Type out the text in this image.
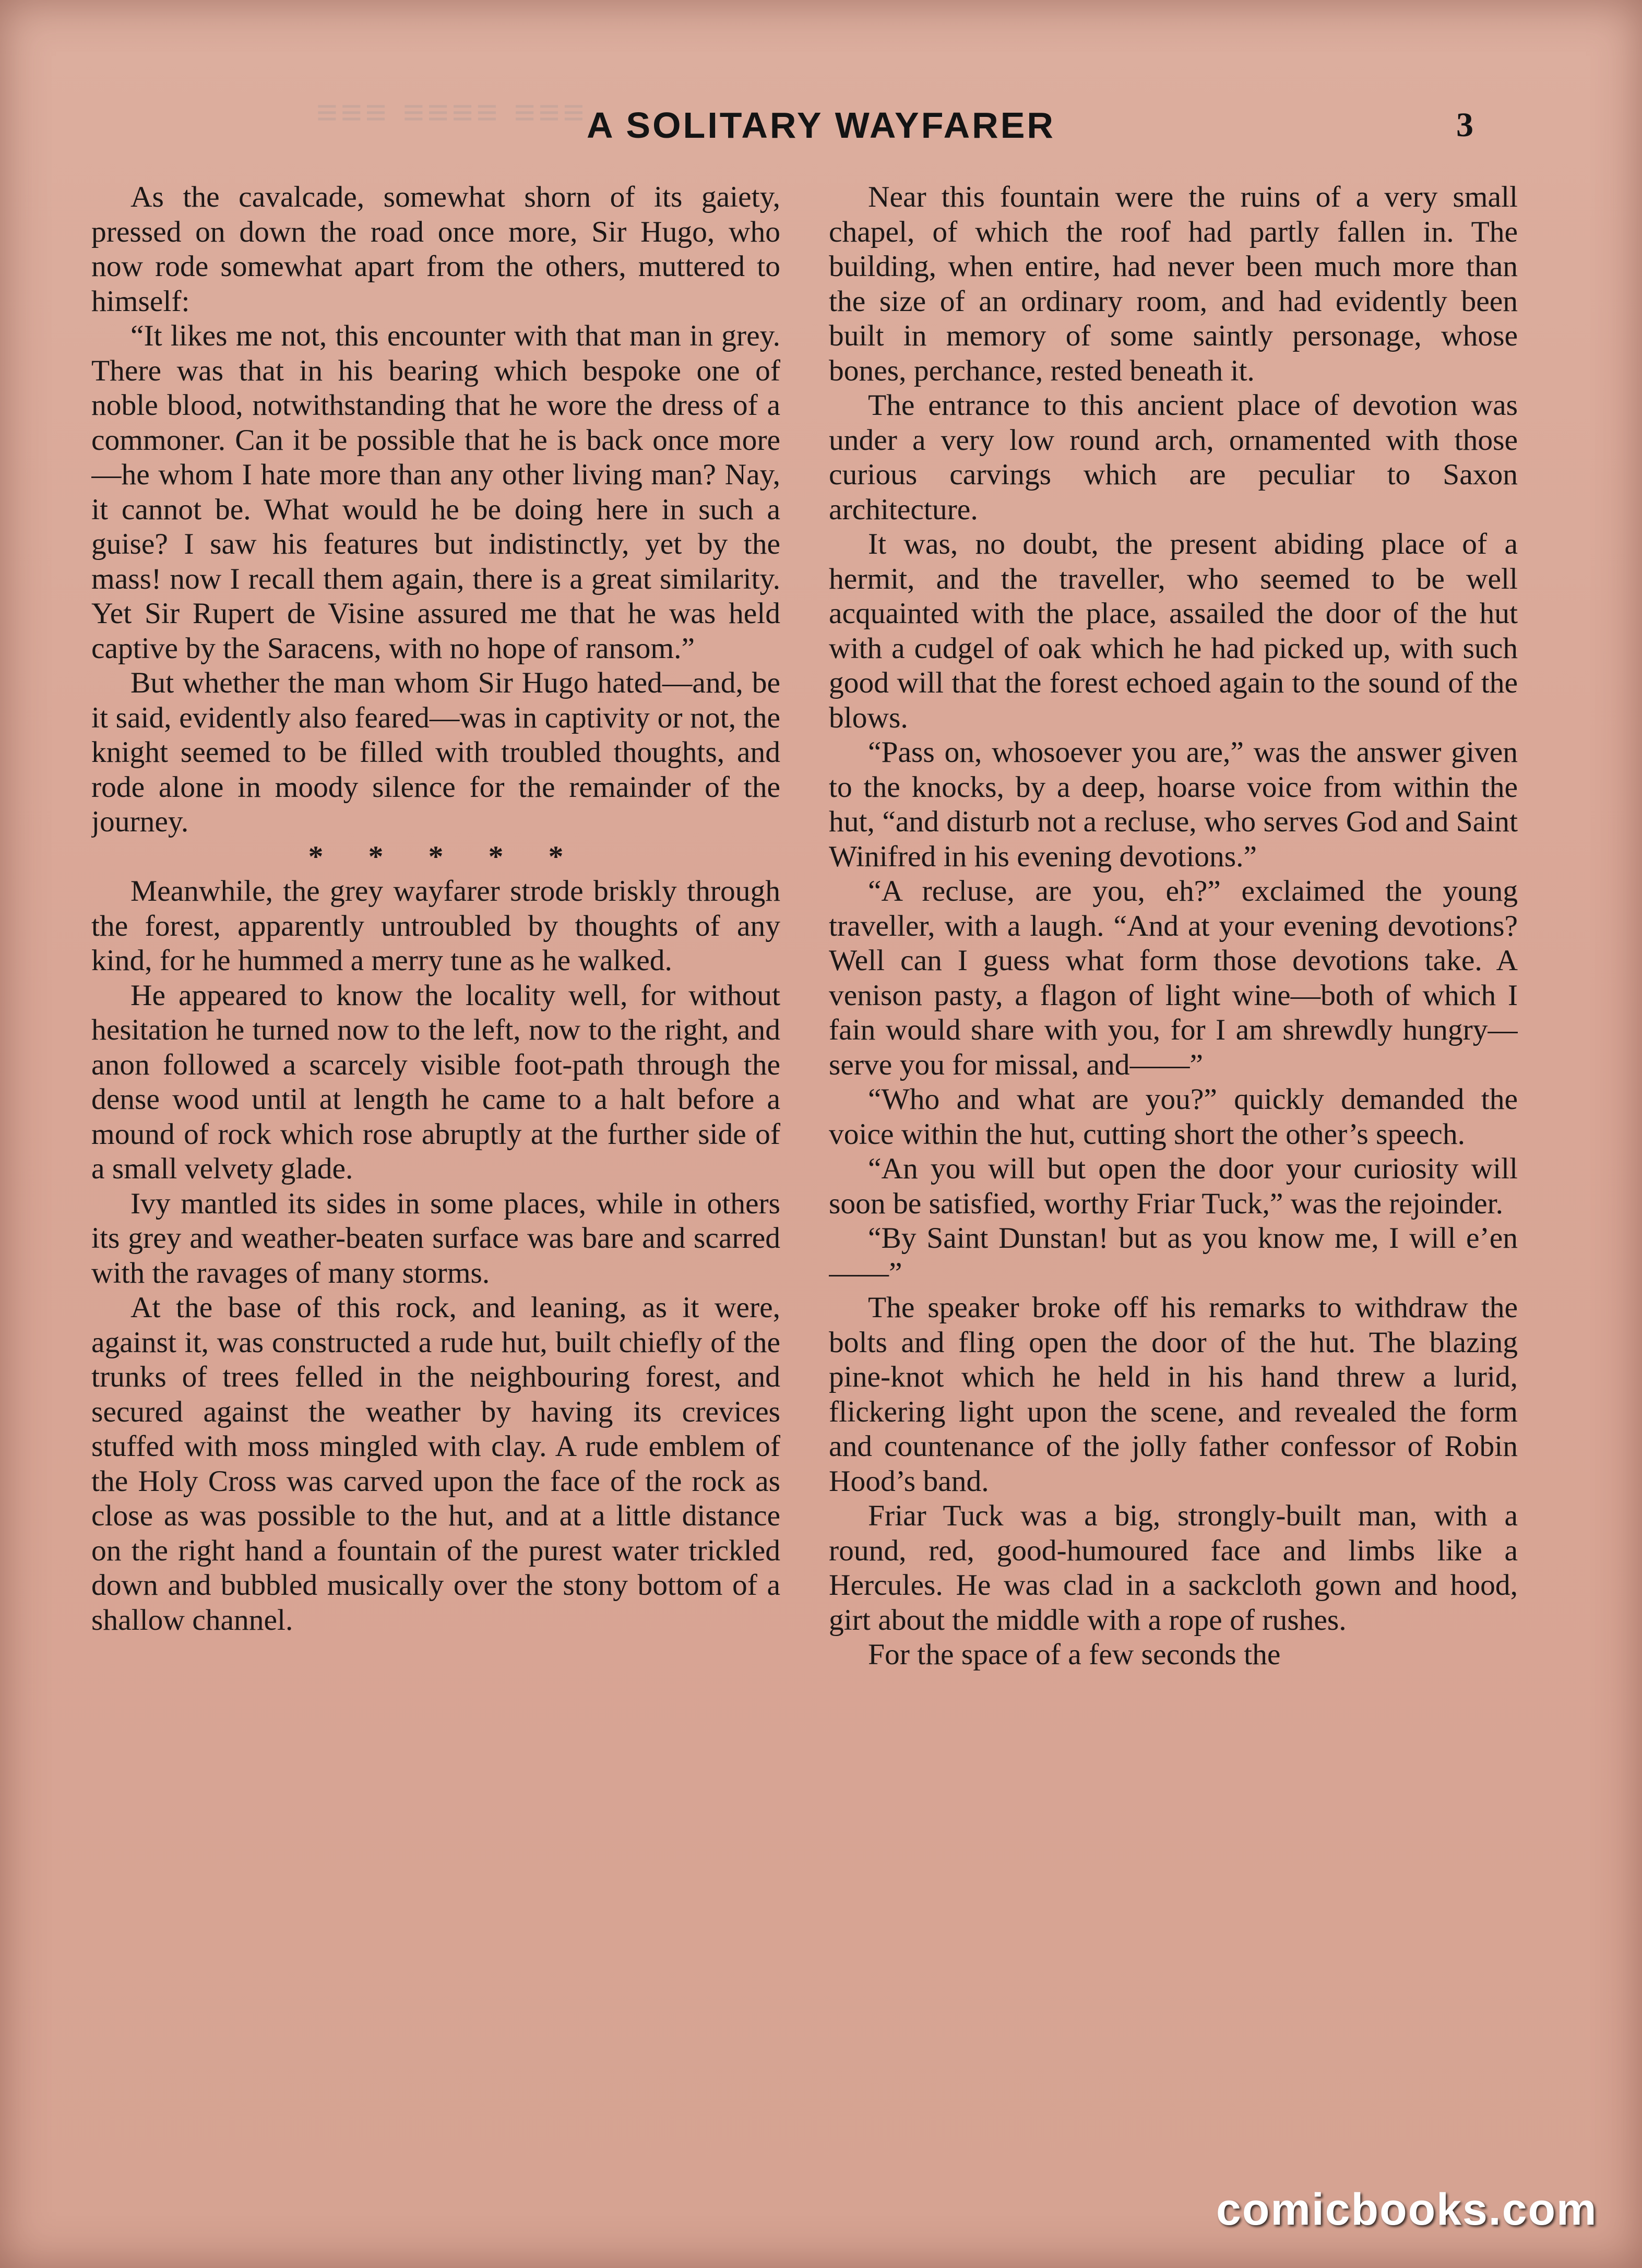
≡≡≡ ≡≡≡≡ ≡≡≡ A SOLITARY WAYFARER	3

As the cavalcade, somewhat shorn of its gaiety, pressed on down the road once more, Sir Hugo, who now rode somewhat apart from the others, muttered to himself:

“It likes me not, this encounter with that man in grey. There was that in his bearing which bespoke one of noble blood, notwithstanding that he wore the dress of a commoner. Can it be possible that he is back once more—he whom I hate more than any other living man? Nay, it cannot be. What would he be doing here in such a guise? I saw his features but indistinctly, yet by the mass! now I recall them again, there is a great similarity. Yet Sir Rupert de Visine assured me that he was held captive by the Saracens, with no hope of ransom.”

But whether the man whom Sir Hugo hated—and, be it said, evidently also feared—was in captivity or not, the knight seemed to be filled with troubled thoughts, and rode alone in moody silence for the remainder of the journey.

*      *      *      *      *

Meanwhile, the grey wayfarer strode briskly through the forest, apparently untroubled by thoughts of any kind, for he hummed a merry tune as he walked.

He appeared to know the locality well, for without hesitation he turned now to the left, now to the right, and anon followed a scarcely visible foot-path through the dense wood until at length he came to a halt before a mound of rock which rose abruptly at the further side of a small velvety glade.

Ivy mantled its sides in some places, while in others its grey and weather-beaten surface was bare and scarred with the ravages of many storms.

At the base of this rock, and leaning, as it were, against it, was constructed a rude hut, built chiefly of the trunks of trees felled in the neighbouring forest, and secured against the weather by having its crevices stuffed with moss mingled with clay. A rude emblem of the Holy Cross was carved upon the face of the rock as close as was possible to the hut, and at a little distance on the right hand a fountain of the purest water trickled down and bubbled musically over the stony bottom of a shallow channel.

Near this fountain were the ruins of a very small chapel, of which the roof had partly fallen in. The building, when entire, had never been much more than the size of an ordinary room, and had evidently been built in memory of some saintly personage, whose bones, perchance, rested beneath it.

The entrance to this ancient place of devotion was under a very low round arch, ornamented with those curious carvings which are peculiar to Saxon architecture.

It was, no doubt, the present abiding place of a hermit, and the traveller, who seemed to be well acquainted with the place, assailed the door of the hut with a cudgel of oak which he had picked up, with such good will that the forest echoed again to the sound of the blows.

“Pass on, whosoever you are,” was the answer given to the knocks, by a deep, hoarse voice from within the hut, “and disturb not a recluse, who serves God and Saint Winifred in his evening devotions.”

“A recluse, are you, eh?” exclaimed the young traveller, with a laugh. “And at your evening devotions? Well can I guess what form those devotions take. A venison pasty, a flagon of light wine—both of which I fain would share with you, for I am shrewdly hungry—serve you for missal, and——”

“Who and what are you?” quickly demanded the voice within the hut, cutting short the other’s speech.

“An you will but open the door your curiosity will soon be satisfied, worthy Friar Tuck,” was the rejoinder.

“By Saint Dunstan! but as you know me, I will e’en——”

The speaker broke off his remarks to withdraw the bolts and fling open the door of the hut. The blazing pine-knot which he held in his hand threw a lurid, flickering light upon the scene, and revealed the form and countenance of the jolly father confessor of Robin Hood’s band.

Friar Tuck was a big, strongly-built man, with a round, red, good-humoured face and limbs like a Hercules. He was clad in a sackcloth gown and hood, girt about the middle with a rope of rushes.

For the space of a few seconds the

comicbooks.com
